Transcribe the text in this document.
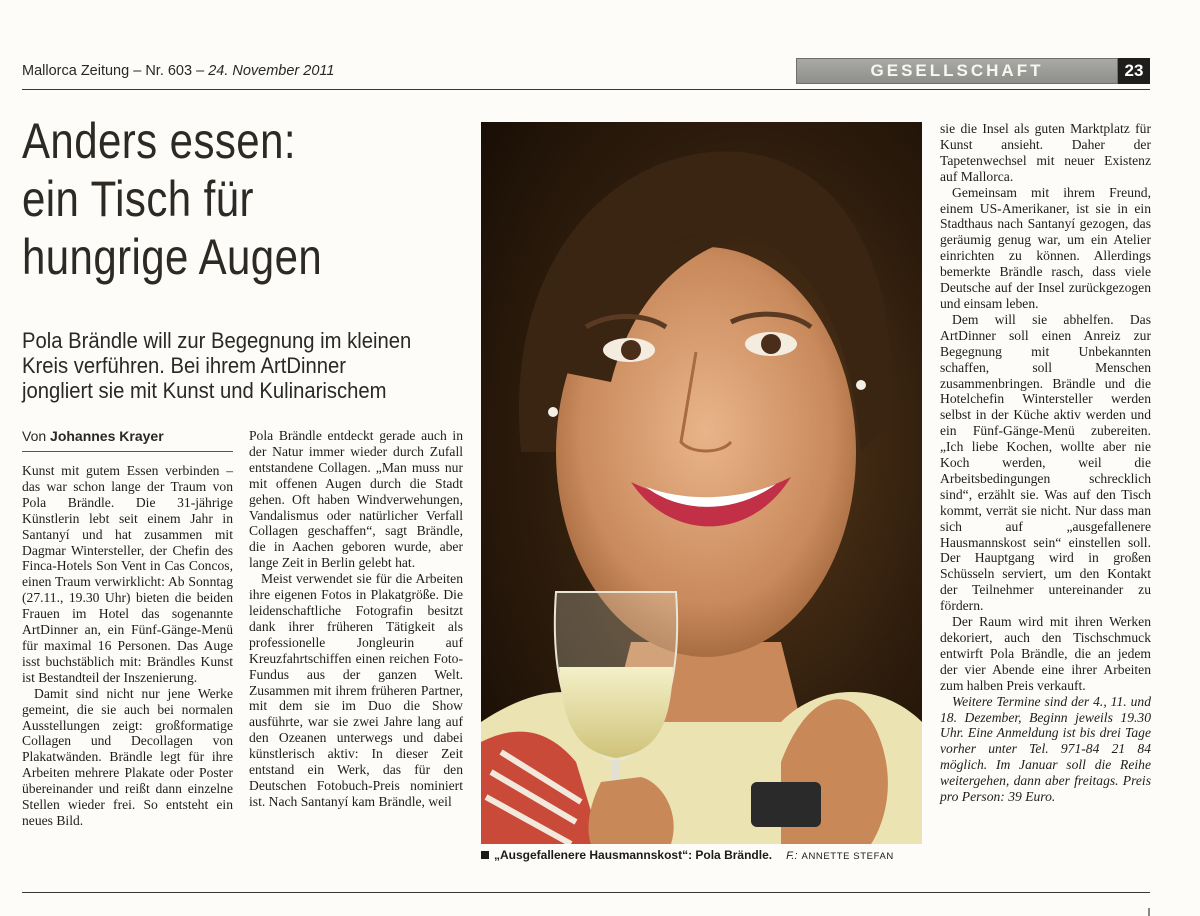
Mallorca Zeitung – Nr. 603 – 24. November 2011	GESELLSCHAFT	23
Anders essen:
ein Tisch für
hungrige Augen
Pola Brändle will zur Begegnung im kleinen
Kreis verführen. Bei ihrem ArtDinner
jongliert sie mit Kunst und Kulinarischem
Von Johannes Krayer

Kunst mit gutem Essen verbinden – das war schon lange der Traum von Pola Brändle. Die 31-jährige Künstlerin lebt seit einem Jahr in Santanyí und hat zusammen mit Dagmar Wintersteller, der Chefin des Finca-Hotels Son Vent in Cas Concos, einen Traum verwirklicht: Ab Sonntag (27.11., 19.30 Uhr) bieten die beiden Frauen im Hotel das sogenannte ArtDinner an, ein Fünf-Gänge-Menü für maximal 16 Personen. Das Auge isst buchstäblich mit: Brändles Kunst ist Bestandteil der Inszenierung.

Damit sind nicht nur jene Werke gemeint, die sie auch bei normalen Ausstellungen zeigt: großformatige Collagen und Decollagen von Plakatwänden. Brändle legt für ihre Arbeiten mehrere Plakate oder Poster übereinander und reißt dann einzelne Stellen wieder frei. So entsteht ein neues Bild.

Pola Brändle entdeckt gerade auch in der Natur immer wieder durch Zufall entstandene Collagen. „Man muss nur mit offenen Augen durch die Stadt gehen. Oft haben Windverwehungen, Vandalismus oder natürlicher Verfall Collagen geschaffen“, sagt Brändle, die in Aachen geboren wurde, aber lange Zeit in Berlin gelebt hat.

Meist verwendet sie für die Arbeiten ihre eigenen Fotos in Plakatgröße. Die leidenschaftliche Fotografin besitzt dank ihrer früheren Tätigkeit als professionelle Jongleurin auf Kreuzfahrtschiffen einen reichen Foto-Fundus aus der ganzen Welt. Zusammen mit ihrem früheren Partner, mit dem sie im Duo die Show ausführte, war sie zwei Jahre lang auf den Ozeanen unterwegs und dabei künstlerisch aktiv: In dieser Zeit entstand ein Werk, das für den Deutschen Fotobuch-Preis nominiert ist. Nach Santanyí kam Brändle, weil

„Ausgefallenere Hausmannskost“: Pola Brändle. F.: ANNETTE STEFAN

sie die Insel als guten Marktplatz für Kunst ansieht. Daher der Tapetenwechsel mit neuer Existenz auf Mallorca.

Gemeinsam mit ihrem Freund, einem US-Amerikaner, ist sie in ein Stadthaus nach Santanyí gezogen, das geräumig genug war, um ein Atelier einrichten zu können. Allerdings bemerkte Brändle rasch, dass viele Deutsche auf der Insel zurückgezogen und einsam leben.

Dem will sie abhelfen. Das ArtDinner soll einen Anreiz zur Begegnung mit Unbekannten schaffen, soll Menschen zusammenbringen. Brändle und die Hotelchefin Wintersteller werden selbst in der Küche aktiv werden und ein Fünf-Gänge-Menü zubereiten. „Ich liebe Kochen, wollte aber nie Koch werden, weil die Arbeitsbedingungen schrecklich sind“, erzählt sie. Was auf den Tisch kommt, verrät sie nicht. Nur dass man sich auf „ausgefallenere Hausmannskost sein“ einstellen soll. Der Hauptgang wird in großen Schüsseln serviert, um den Kontakt der Teilnehmer untereinander zu fördern.

Der Raum wird mit ihren Werken dekoriert, auch den Tischschmuck entwirft Pola Brändle, die an jedem der vier Abende eine ihrer Arbeiten zum halben Preis verkauft.

Weitere Termine sind der 4., 11. und 18. Dezember, Beginn jeweils 19.30 Uhr. Eine Anmeldung ist bis drei Tage vorher unter Tel. 971-84 21 84 möglich. Im Januar soll die Reihe weitergehen, dann aber freitags. Preis pro Person: 39 Euro.
